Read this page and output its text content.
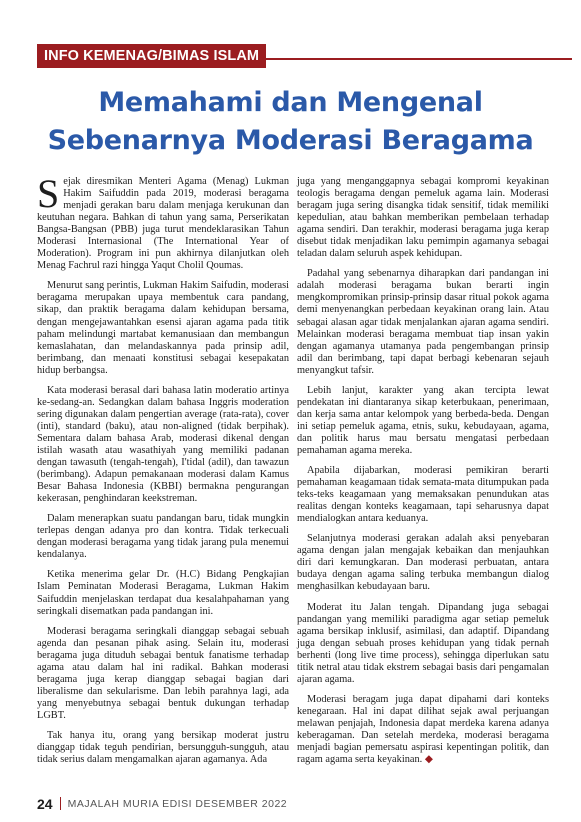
INFO KEMENAG/BIMAS ISLAM
Memahami dan Mengenal
Sebenarnya Moderasi Beragama

Sejak diresmikan Menteri Agama (Menag) Lukman Hakim Saifuddin pada 2019, moderasi beragama menjadi gerakan baru dalam menjaga kerukunan dan keutuhan negara. Bahkan di tahun yang sama, Perserikatan Bangsa-Bangsan (PBB) juga turut mendeklarasikan Tahun Moderasi Internasional (The International Year of Moderation). Program ini pun akhirnya dilanjutkan oleh Menag Fachrul razi hingga Yaqut Cholil Qoumas.

Menurut sang perintis, Lukman Hakim Saifudin, moderasi beragama merupakan upaya membentuk cara pandang, sikap, dan praktik beragama dalam kehidupan bersama, dengan mengejawantahkan esensi ajaran agama pada titik paham melindungi martabat kemanusiaan dan membangun kemaslahatan, dan melandaskannya pada prinsip adil, berimbang, dan menaati konstitusi sebagai kesepakatan hidup berbangsa.

Kata moderasi berasal dari bahasa latin moderatio artinya ke-sedang-an. Sedangkan dalam bahasa Inggris moderation sering digunakan dalam pengertian average (rata-rata), cover (inti), standard (baku), atau non-aligned (tidak berpihak). Sementara dalam bahasa Arab, moderasi dikenal dengan istilah wasath atau wasathiyah yang memiliki padanan dengan tawasuth (tengah-tengah), I'tidal (adil), dan tawazun (berimbang). Adapun pemakanaan moderasi dalam Kamus Besar Bahasa Indonesia (KBBI) bermakna pengurangan kekerasan, penghindaran keekstreman.

Dalam menerapkan suatu pandangan baru, tidak mungkin terlepas dengan adanya pro dan kontra. Tidak terkecuali dengan moderasi beragama yang tidak jarang pula menemui kendalanya.

Ketika menerima gelar Dr. (H.C) Bidang Pengkajian Islam Peminatan Moderasi Beragama, Lukman Hakim Saifuddin menjelaskan terdapat dua kesalahpahaman yang seringkali disematkan pada pandangan ini.

Moderasi beragama seringkali dianggap sebagai sebuah agenda dan pesanan pihak asing. Selain itu, moderasi beragama juga dituduh sebagai bentuk fanatisme terhadap agama atau dalam hal ini radikal. Bahkan moderasi beragama juga kerap dianggap sebagai bagian dari liberalisme dan sekularisme. Dan lebih parahnya lagi, ada yang menyebutnya sebagai bentuk dukungan terhadap LGBT.

Tak hanya itu, orang yang bersikap moderat justru dianggap tidak teguh pendirian, bersungguh-sungguh, atau tidak serius dalam mengamalkan ajaran agamanya. Ada

juga yang menganggapnya sebagai kompromi keyakinan teologis beragama dengan pemeluk agama lain. Moderasi beragam juga sering disangka tidak sensitif, tidak memiliki kepedulian, atau bahkan memberikan pembelaan terhadap agama sendiri. Dan terakhir, moderasi beragama juga kerap disebut tidak menjadikan laku pemimpin agamanya sebagai teladan dalam seluruh aspek kehidupan.

Padahal yang sebenarnya diharapkan dari pandangan ini adalah moderasi beragama bukan berarti ingin mengkompromikan prinsip-prinsip dasar ritual pokok agama demi menyenangkan perbedaan keyakinan orang lain. Atau sebagai alasan agar tidak menjalankan ajaran agama sendiri. Melainkan moderasi beragama membuat tiap insan yakin dengan agamanya utamanya pada pengembangan prinsip adil dan berimbang, tapi dapat berbagi kebenaran sejauh menyangkut tafsir.

Lebih lanjut, karakter yang akan tercipta lewat pendekatan ini diantaranya sikap keterbukaan, penerimaan, dan kerja sama antar kelompok yang berbeda-beda. Dengan ini setiap pemeluk agama, etnis, suku, kebudayaan, agama, dan politik harus mau bersatu mengatasi perbedaan pemahaman agama mereka.

Apabila dijabarkan, moderasi pemikiran berarti pemahaman keagamaan tidak semata-mata ditumpukan pada teks-teks keagamaan yang memaksakan penundukan atas realitas dengan konteks keagamaan, tapi seharusnya dapat mendialogkan antara keduanya.

Selanjutnya moderasi gerakan adalah aksi penyebaran agama dengan jalan mengajak kebaikan dan menjauhkan diri dari kemungkaran. Dan moderasi perbuatan, antara budaya dengan agama saling terbuka membangun dialog menghasilkan kebudayaan baru.

Moderat itu Jalan tengah. Dipandang juga sebagai pandangan yang memiliki paradigma agar setiap pemeluk agama bersikap inklusif, asimilasi, dan adaptif. Dipandang juga dengan sebuah proses kehidupan yang tidak pernah berhenti (long live time process), sehingga diperlukan satu titik netral atau tidak ekstrem sebagai basis dari pengamalan ajaran agama.

Moderasi beragam juga dapat dipahami dari konteks kenegaraan. Hal ini dapat dilihat sejak awal perjuangan melawan penjajah, Indonesia dapat merdeka karena adanya keberagaman. Dan setelah merdeka, moderasi beragama menjadi bagian pemersatu aspirasi kepentingan politik, dan ragam agama serta keyakinan. ◆

24 MAJALAH MURIA EDISI DESEMBER 2022
